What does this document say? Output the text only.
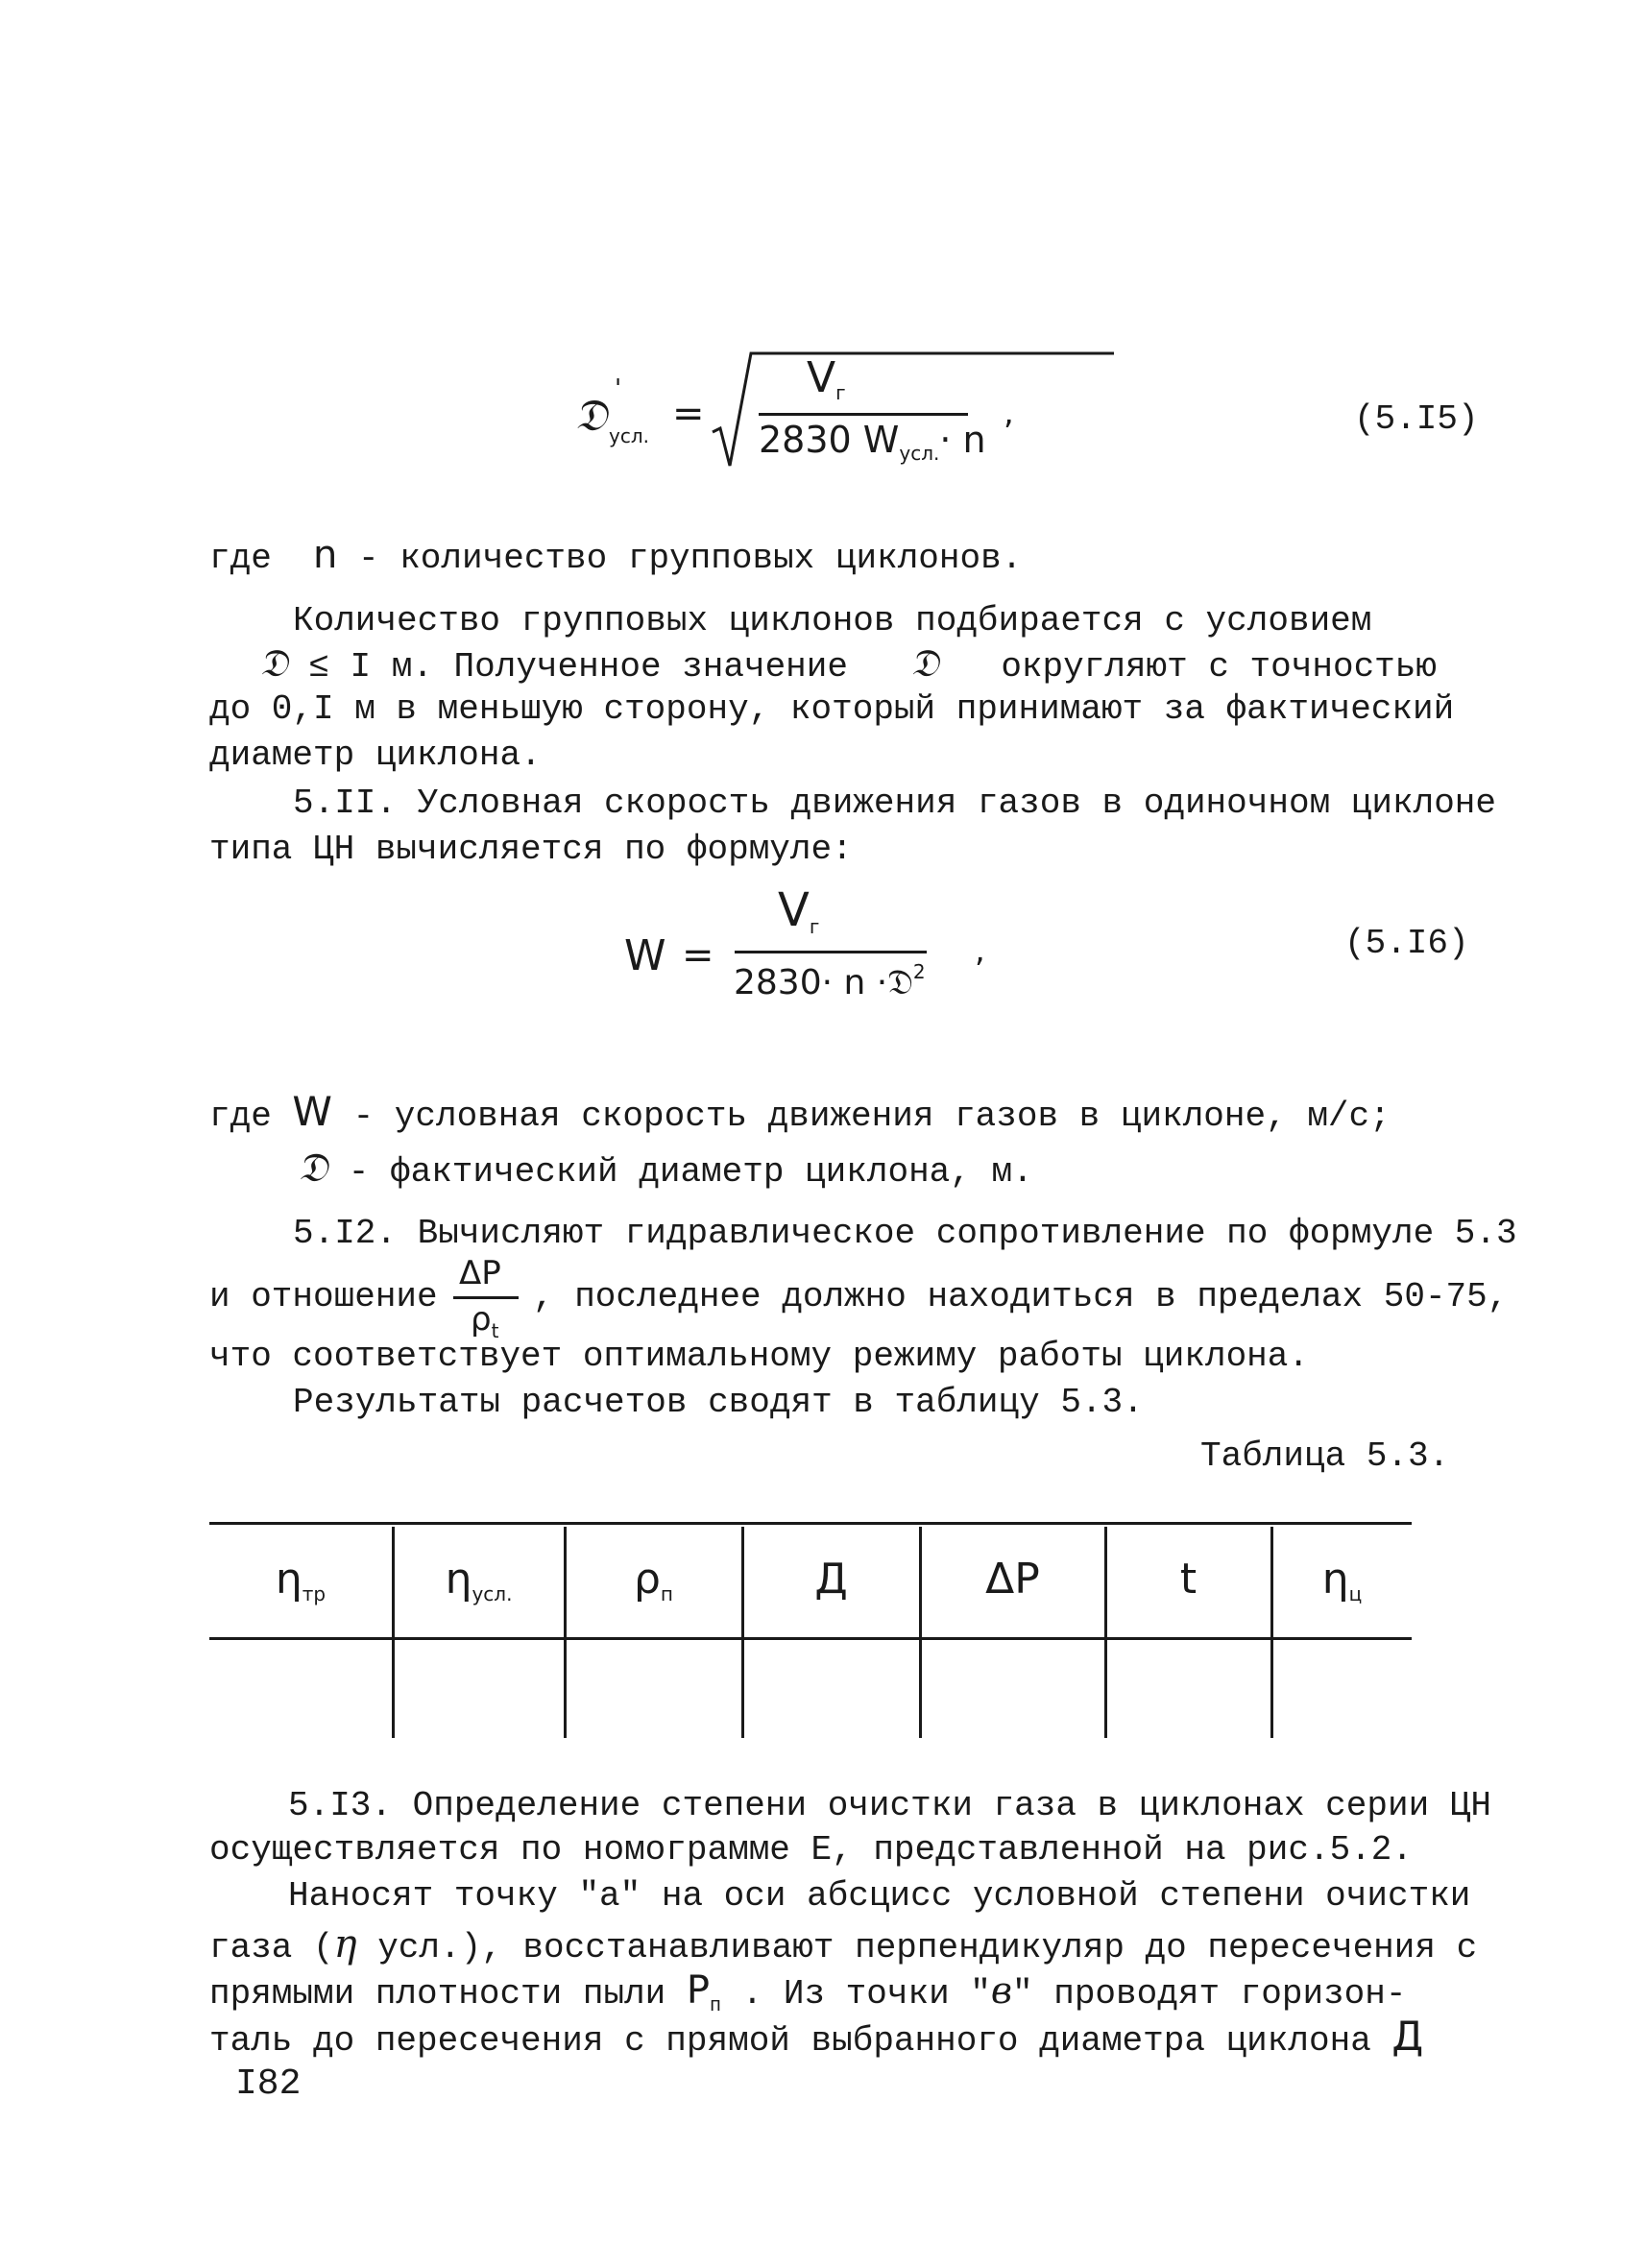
𝔇 '
усл. =
$V_г$
2830 $W_{усл.}\cdot n$
,	(5.I5)
где n - количество групповых циклонов.
Количество групповых циклонов подбирается с условием
𝔇 ≤ I м. Полученное значение 𝔇 округляют с точностью
до 0,I м в меньшую сторону, который принимают за фактический
диаметр циклона.
5.II. Условная скорость движения газов в одиночном циклоне
типа ЦН вычисляется по формуле:
W =
$V_г$
2830· n ·𝔇$^2$
,	(5.I6)
где W - условная скорость движения газов в циклоне, м/с;
𝔇 - фактический диаметр циклона, м.
5.I2. Вычисляют гидравлическое сопротивление по формуле 5.3
и отношение
ΔP
$\rho_t$
, последнее должно находиться в пределах 50-75,
что соответствует оптимальному режиму работы циклона.
Результаты расчетов сводят в таблицу 5.3.
Таблица 5.3.
$\eta_{тр}$	$\eta_{усл.}$	$\rho_п$	Д	ΔP	t	$\eta_ц$
5.I3. Определение степени очистки газа в циклонах серии ЦН
осуществляется по номограмме Е, представленной на рис.5.2.
Наносят точку "а" на оси абсцисс условной степени очистки
газа (η усл.), восстанавливают перпендикуляр до пересечения с
прямыми плотности пыли $Р_п$ . Из точки "в" проводят горизон-
таль до пересечения с прямой выбранного диаметра циклона Д
I82
